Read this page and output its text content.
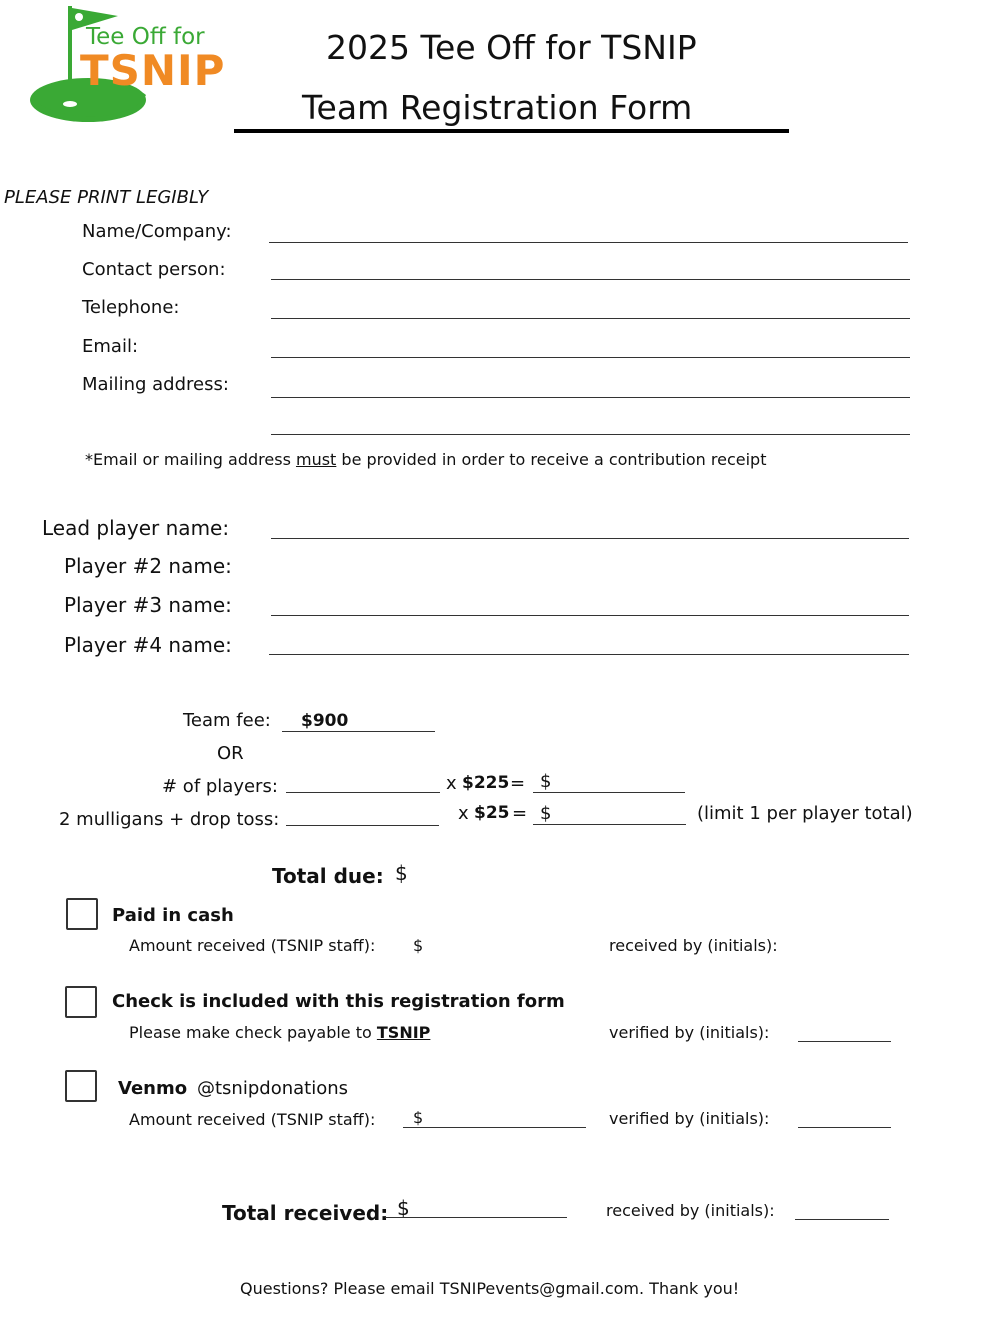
Tee Off for
TSNIP	2025 Tee Off for TSNIP
Team Registration Form
PLEASE PRINT LEGIBLY
Name/Company:
Contact person:
Telephone:
Email:
Mailing address:
*Email or mailing address must be provided in order to receive a contribution receipt
Lead player name:
Player #2 name:
Player #3 name:
Player #4 name:
Team fee: $900
OR
# of players:	x $225 = $
2 mulligans + drop toss:	x $25 = $	(limit 1 per player total)
Total due: $
Paid in cash
Amount received (TSNIP staff): $	received by (initials):
Check is included with this registration form
Please make check payable to TSNIP	verified by (initials):
Venmo @tsnipdonations
Amount received (TSNIP staff): $	verified by (initials):
Total received: $	received by (initials):
Questions? Please email TSNIPevents@gmail.com. Thank you!
